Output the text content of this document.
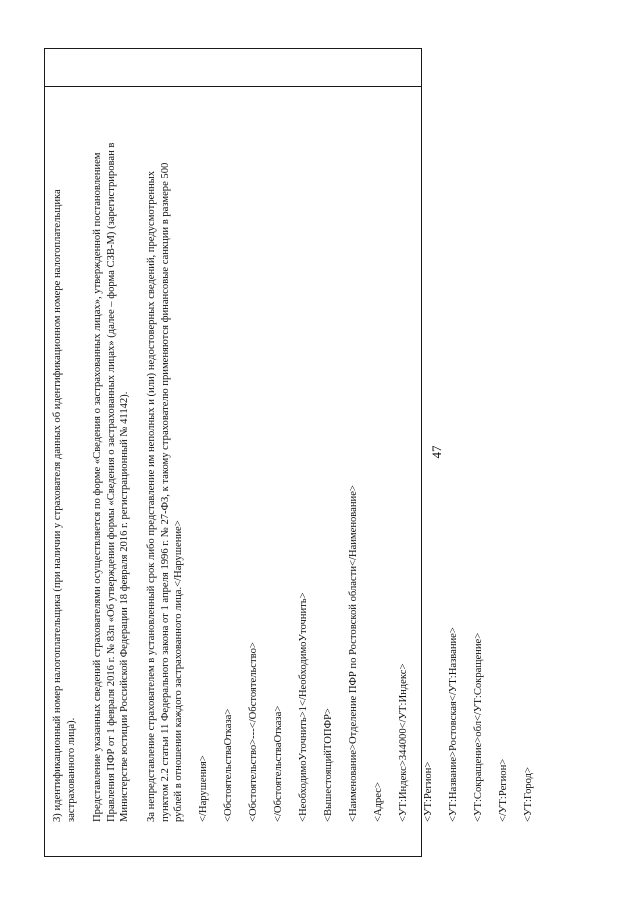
47
3) идентификационный номер налогоплательщика (при наличии у страхователя данных об идентификационном номере налогоплательщика застрахованного лица). Представление указанных сведений страхователями осуществляется по форме «Сведения о застрахованных лицах», утвержденной постановлением Правления ПФР от 1 февраля 2016 г. № 83п «Об утверждении формы «Сведения о застрахованных лицах» (далее – форма СЗВ-М) (зарегистрирован в Министерстве юстиции Российской Федерации 18 февраля 2016 г. регистрационный № 41142). За непредставление страхователем в установленный срок либо представление им неполных и (или) недостоверных сведений, предусмотренных пунктом 2.2 статьи 11 Федерального закона от 1 апреля 1996 г. № 27-ФЗ, к такому страхователю применяются финансовые санкции в размере 500 рублей в отношении каждого застрахованного лица.</Нарушение> </Нарушения> <ОбстоятельстваОтказа> <Обстоятельство>---</Обстоятельство> </ОбстоятельстваОтказа> <НеобходимоУточнить>1</НеобходимоУточнить> <ВышестоящийТОПФР> <Наименование>Отделение ПФР по Ростовской области</Наименование> <Адрес> <УТ:Индекс>344000</УТ:Индекс> <УТ:Регион> <УТ:Название>Ростовская</УТ:Название> <УТ:Сокращение>обл</УТ:Сокращение> </УТ:Регион> <УТ:Город>
